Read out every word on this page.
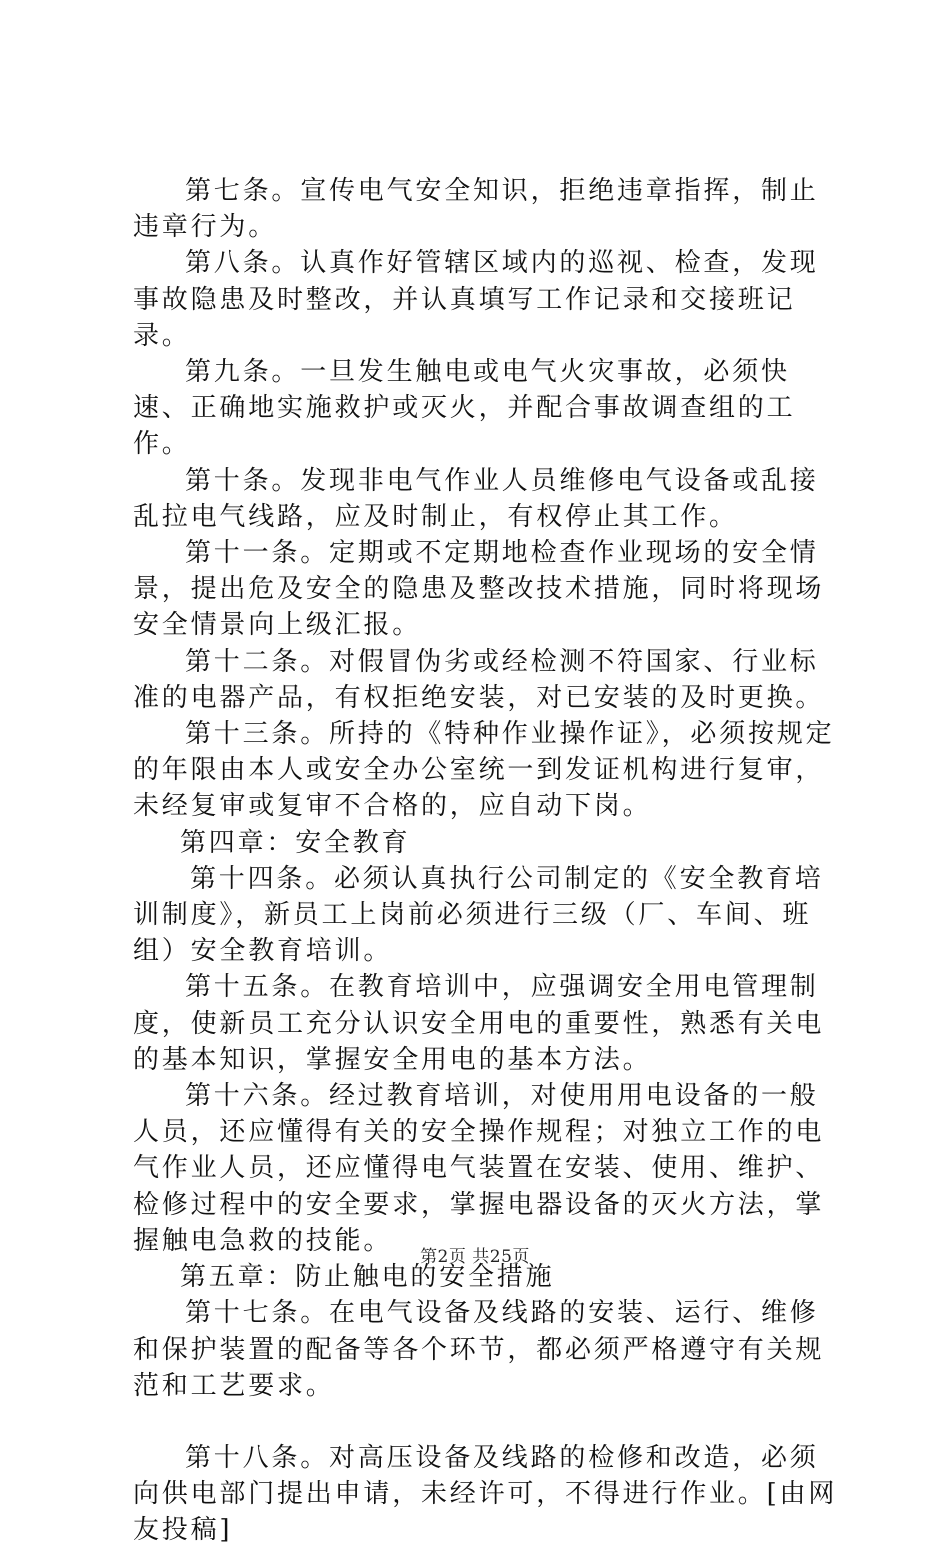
第七条。宣传电气安全知识，拒绝违章指挥，制止违章行为。

第八条。认真作好管辖区域内的巡视、检查，发现事故隐患及时整改，并认真填写工作记录和交接班记录。

第九条。一旦发生触电或电气火灾事故，必须快速、正确地实施救护或灭火，并配合事故调查组的工作。

第十条。发现非电气作业人员维修电气设备或乱接乱拉电气线路，应及时制止，有权停止其工作。

第十一条。定期或不定期地检查作业现场的安全情景，提出危及安全的隐患及整改技术措施，同时将现场安全情景向上级汇报。

第十二条。对假冒伪劣或经检测不符国家、行业标准的电器产品，有权拒绝安装，对已安装的及时更换。

第十三条。所持的《特种作业操作证》，必须按规定的年限由本人或安全办公室统一到发证机构进行复审，未经复审或复审不合格的，应自动下岗。

第四章：安全教育

第十四条。必须认真执行公司制定的《安全教育培训制度》，新员工上岗前必须进行三级（厂、车间、班组）安全教育培训。

第十五条。在教育培训中，应强调安全用电管理制度，使新员工充分认识安全用电的重要性，熟悉有关电的基本知识，掌握安全用电的基本方法。

第十六条。经过教育培训，对使用用电设备的一般人员，还应懂得有关的安全操作规程；对独立工作的电气作业人员，还应懂得电气装置在安装、使用、维护、检修过程中的安全要求，掌握电器设备的灭火方法，掌握触电急救的技能。

第五章：防止触电的安全措施

第十七条。在电气设备及线路的安装、运行、维修和保护装置的配备等各个环节，都必须严格遵守有关规范和工艺要求。

第十八条。对高压设备及线路的检修和改造，必须向供电部门提出申请，未经许可，不得进行作业。[由网友投稿]

第2页 共25页
